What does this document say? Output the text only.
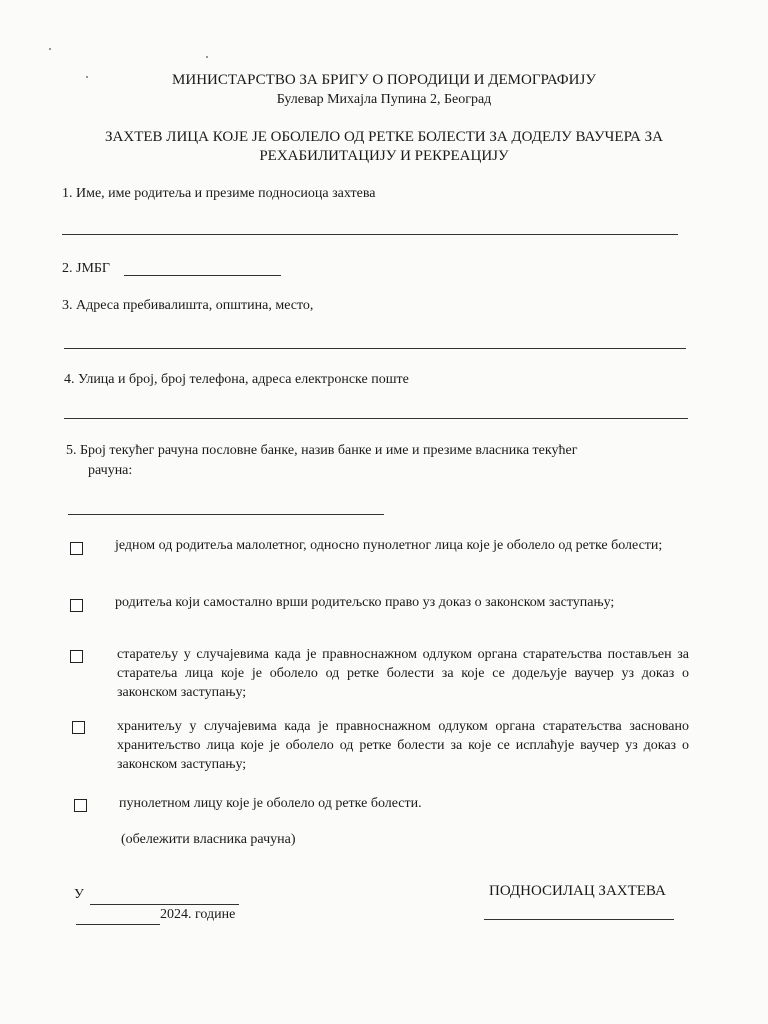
МИНИСТАРСТВО ЗА БРИГУ О ПОРОДИЦИ И ДЕМОГРАФИЈУ
Булевар Михајла Пупина 2, Београд
ЗАХТЕВ ЛИЦА КОЈЕ ЈЕ ОБОЛЕЛО ОД РЕТКЕ БОЛЕСТИ ЗА ДОДЕЛУ ВАУЧЕРА ЗА
РЕХАБИЛИТАЦИЈУ И РЕКРЕАЦИЈУ
1. Име, име родитеља и презиме подносиоца захтева
2. ЈМБГ
3. Адреса пребивалишта, општина, место,
4. Улица и број, број телефона, адреса електронске поште
5. Број текућег рачуна пословне банке, назив банке и име и презиме власника текућег
рачуна:
једном од родитеља малолетног, односно пунолетног лица које је оболело од ретке болести;
родитеља који самостално врши родитељско право уз доказ о законском заступању;
старатељу у случајевима када је правноснажном одлуком органа старатељства постављен за старатеља лица које је оболело од ретке болести за које се додељује ваучер уз доказ о законском заступању;
хранитељу у случајевима када је правноснажном одлуком органа старатељства засновано хранитељство лица које је оболело од ретке болести за које се исплаћује ваучер уз доказ о законском заступању;
пунолетном лицу које је оболело од ретке болести.
(обележити власника рачуна)
У
2024. године
ПОДНОСИЛАЦ ЗАХТЕВА
